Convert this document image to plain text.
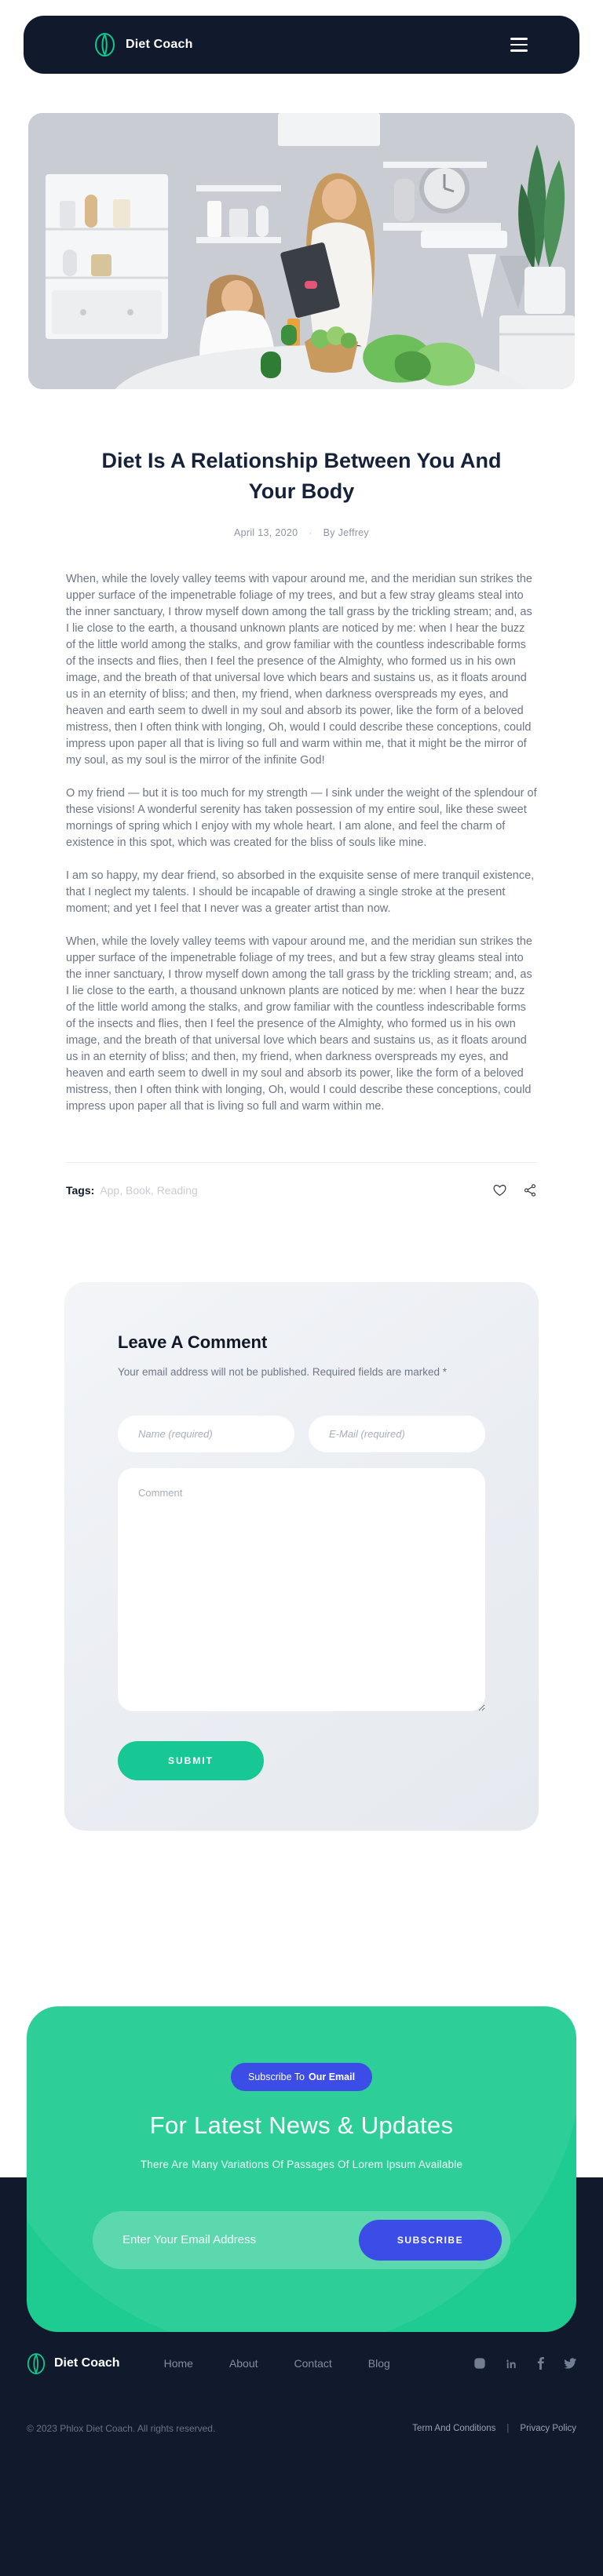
Diet Coach
Diet Is A Relationship Between You And Your Body
April 13, 2020 · By Jeffrey

When, while the lovely valley teems with vapour around me, and the meridian sun strikes the upper surface of the impenetrable foliage of my trees, and but a few stray gleams steal into the inner sanctuary, I throw myself down among the tall grass by the trickling stream; and, as I lie close to the earth, a thousand unknown plants are noticed by me: when I hear the buzz of the little world among the stalks, and grow familiar with the countless indescribable forms of the insects and flies, then I feel the presence of the Almighty, who formed us in his own image, and the breath of that universal love which bears and sustains us, as it floats around us in an eternity of bliss; and then, my friend, when darkness overspreads my eyes, and heaven and earth seem to dwell in my soul and absorb its power, like the form of a beloved mistress, then I often think with longing, Oh, would I could describe these conceptions, could impress upon paper all that is living so full and warm within me, that it might be the mirror of my soul, as my soul is the mirror of the infinite God!

O my friend — but it is too much for my strength — I sink under the weight of the splendour of these visions! A wonderful serenity has taken possession of my entire soul, like these sweet mornings of spring which I enjoy with my whole heart. I am alone, and feel the charm of existence in this spot, which was created for the bliss of souls like mine.

I am so happy, my dear friend, so absorbed in the exquisite sense of mere tranquil existence, that I neglect my talents. I should be incapable of drawing a single stroke at the present moment; and yet I feel that I never was a greater artist than now.

When, while the lovely valley teems with vapour around me, and the meridian sun strikes the upper surface of the impenetrable foliage of my trees, and but a few stray gleams steal into the inner sanctuary, I throw myself down among the tall grass by the trickling stream; and, as I lie close to the earth, a thousand unknown plants are noticed by me: when I hear the buzz of the little world among the stalks, and grow familiar with the countless indescribable forms of the insects and flies, then I feel the presence of the Almighty, who formed us in his own image, and the breath of that universal love which bears and sustains us, as it floats around us in an eternity of bliss; and then, my friend, when darkness overspreads my eyes, and heaven and earth seem to dwell in my soul and absorb its power, like the form of a beloved mistress, then I often think with longing, Oh, would I could describe these conceptions, could impress upon paper all that is living so full and warm within me.

Tags: App, Book, Reading
Leave A Comment

Your email address will not be published. Required fields are marked *

Name (required)
E-Mail (required)
Comment SUBMIT
Subscribe To Our Email
For Latest News & Updates
There Are Many Variations Of Passages Of Lorem Ipsum Available
Enter Your Email Address
SUBSCRIBE
Diet Coach	Home	About	Contact	Blog
© 2023 Phlox Diet Coach. All rights reserved.	Term And Conditions | Privacy Policy
